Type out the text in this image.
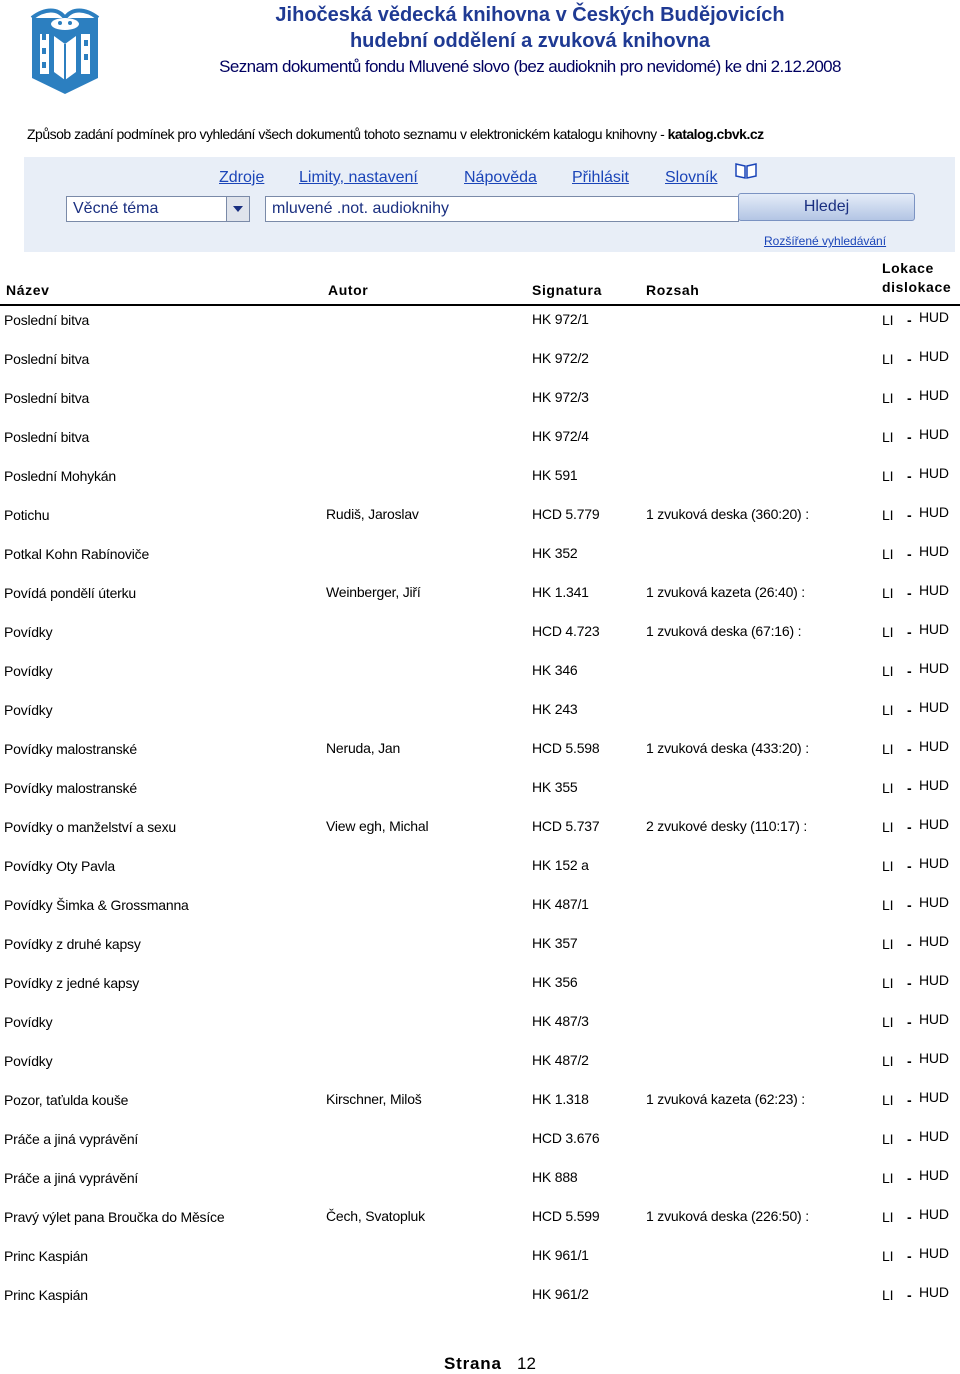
Jihočeská vědecká knihovna v Českých Budějovicích
hudební oddělení a zvuková knihovna
Seznam dokumentů fondu Mluvené slovo (bez audioknih pro nevidomé) ke dni 2.12.2008
Způsob zadání podmínek pro vyhledání všech dokumentů tohoto seznamu v elektronickém katalogu knihovny - katalog.cbvk.cz
Zdroje Limity, nastavení	Nápověda Přihlásit Slovník
Věcné téma	mluvené .not. audioknihy	Hledej
Rozšířené vyhledávání
Název	Autor	Signatura	Rozsah
Lokace
dislokace
Poslední bitva	HK 972/1	LI - HUD
Poslední bitva	HK 972/2	LI - HUD
Poslední bitva	HK 972/3	LI - HUD
Poslední bitva	HK 972/4	LI - HUD
Poslední Mohykán	HK 591	LI - HUD
Potichu	Rudiš, Jaroslav	HCD 5.779	1 zvuková deska (360:20) :	LI - HUD
Potkal Kohn Rabínoviče	HK 352	LI - HUD
Povídá pondělí úterku	Weinberger, Jiří	HK 1.341	1 zvuková kazeta (26:40) :	LI - HUD
Povídky	HCD 4.723	1 zvuková deska (67:16) :	LI - HUD
Povídky	HK 346	LI - HUD
Povídky	HK 243	LI - HUD
Povídky malostranské	Neruda, Jan	HCD 5.598	1 zvuková deska (433:20) :	LI - HUD
Povídky malostranské	HK 355	LI - HUD
Povídky o manželství a sexu	View egh, Michal	HCD 5.737	2 zvukové desky (110:17) :	LI - HUD
Povídky Oty Pavla	HK 152 a	LI - HUD
Povídky Šimka & Grossmanna	HK 487/1	LI - HUD
Povídky z druhé kapsy	HK 357	LI - HUD
Povídky z jedné kapsy	HK 356	LI - HUD
Povídky	HK 487/3	LI - HUD
Povídky	HK 487/2	LI - HUD
Pozor, taťulda kouše	Kirschner, Miloš	HK 1.318	1 zvuková kazeta (62:23) :	LI - HUD
Práče a jiná vyprávění	HCD 3.676	LI - HUD
Práče a jiná vyprávění	HK 888	LI - HUD
Pravý výlet pana Broučka do Měsíce	Čech, Svatopluk	HCD 5.599	1 zvuková deska (226:50) :	LI - HUD
Princ Kaspián	HK 961/1	LI - HUD
Princ Kaspián	HK 961/2	LI - HUD
Strana 12
